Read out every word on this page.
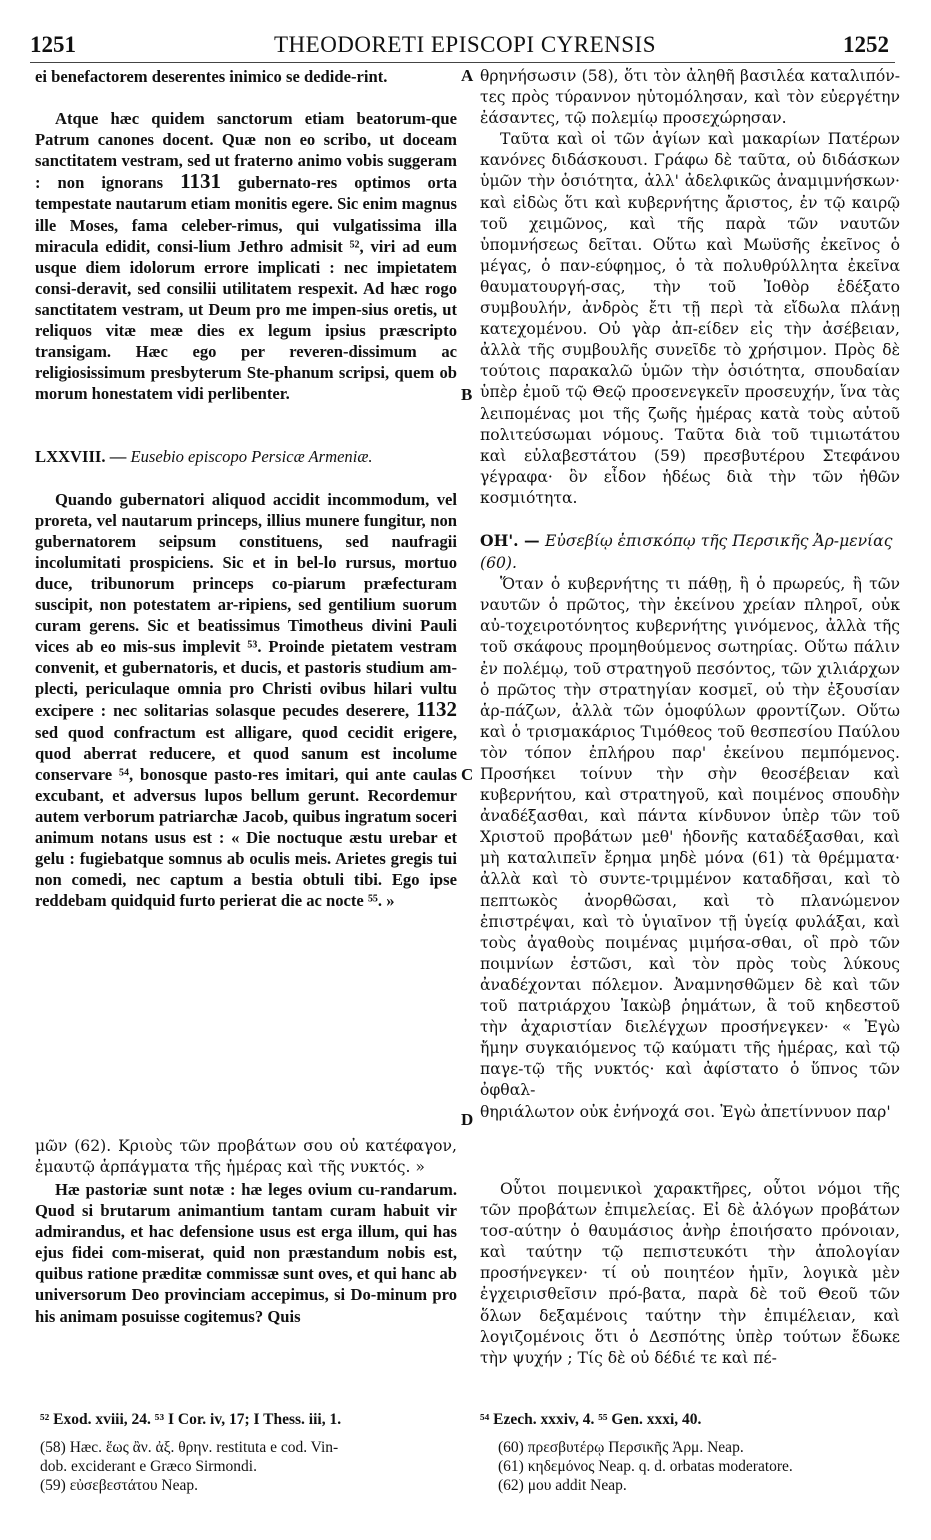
1251	THEODORETI EPISCOPI CYRENSIS	1252

ei benefactorem deserentes inimico se dedide-rint.

Atque hæc quidem sanctorum etiam beatorum-que Patrum canones docent. Quæ non eo scribo, ut doceam sanctitatem vestram, sed ut fraterno animo vobis suggeram : non ignorans 1131 gubernato-res optimos orta tempestate nautarum etiam monitis egere. Sic enim magnus ille Moses, fama celeber-rimus, qui vulgatissima illa miracula edidit, consi-lium Jethro admisit ⁵², viri ad eum usque diem idolorum errore implicati : nec impietatem consi-deravit, sed consilii utilitatem respexit. Ad hæc rogo sanctitatem vestram, ut Deum pro me impen-sius oretis, ut reliquos vitæ meæ dies ex legum ipsius præscripto transigam. Hæc ego per reveren-dissimum ac religiosissimum presbyterum Ste-phanum scripsi, quem ob morum honestatem vidi perlibenter.

LXXVIII. — Eusebio episcopo Persicæ Armeniæ.

Quando gubernatori aliquod accidit incommodum, vel proreta, vel nautarum princeps, illius munere fungitur, non gubernatorem seipsum constituens, sed naufragii incolumitati prospiciens. Sic et in bel-lo rursus, mortuo duce, tribunorum princeps co-piarum præfecturam suscipit, non potestatem ar-ripiens, sed gentilium suorum curam gerens. Sic et beatissimus Timotheus divini Pauli vices ab eo mis-sus implevit ⁵³. Proinde pietatem vestram convenit, et gubernatoris, et ducis, et pastoris studium am-plecti, periculaque omnia pro Christi ovibus hilari vultu excipere : nec solitarias solasque pecudes deserere, 1132 sed quod confractum est alligare, quod cecidit erigere, quod aberrat reducere, et quod sanum est incolume conservare ⁵⁴, bonosque pasto-res imitari, qui ante caulas excubant, et adversus lupos bellum gerunt. Recordemur autem verborum patriarchæ Jacob, quibus ingratum soceri animum notans usus est : « Die noctuque æstu urebar et gelu : fugiebatque somnus ab oculis meis. Arietes gregis tui non comedi, nec captum a bestia obtuli tibi. Ego ipse reddebam quidquid furto perierat die ac nocte ⁵⁵. »

μῶν (62). Κριοὺς τῶν προβάτων σου οὐ κατέφαγον, ἐμαυτῷ ἁρπάγματα τῆς ἡμέρας καὶ τῆς νυκτός. »

Hæ pastoriæ sunt notæ : hæ leges ovium cu-randarum. Quod si brutarum animantium tantam curam habuit vir admirandus, et hac defensione usus est erga illum, qui has ejus fidei com-miserat, quid non præstandum nobis est, quibus ratione præditæ commissæ sunt oves, et qui hanc ab universorum Deo provinciam accepimus, si Do-minum pro his animam posuisse cogitemus? Quis

A
B
C
D

θρηνήσωσιν (58), ὅτι τὸν ἀληθῆ βασιλέα καταλιπόν-τες πρὸς τύραννον ηὐτομόλησαν, καὶ τὸν εὐεργέτην ἐάσαντες, τῷ πολεμίῳ προσεχώρησαν.

Ταῦτα καὶ οἱ τῶν ἁγίων καὶ μακαρίων Πατέρων κανόνες διδάσκουσι. Γράφω δὲ ταῦτα, οὐ διδάσκων ὑμῶν τὴν ὁσιότητα, ἀλλ' ἀδελφικῶς ἀναμιμνήσκων· καὶ εἰδὼς ὅτι καὶ κυβερνήτης ἄριστος, ἐν τῷ καιρῷ τοῦ χειμῶνος, καὶ τῆς παρὰ τῶν ναυτῶν ὑπομνήσεως δεῖται. Οὕτω καὶ Μωϋσῆς ἐκεῖνος ὁ μέγας, ὁ παν-εύφημος, ὁ τὰ πολυθρύλλητα ἐκεῖνα θαυματουργή-σας, τὴν τοῦ Ἰοθὸρ ἐδέξατο συμβουλήν, ἀνδρὸς ἔτι τῇ περὶ τὰ εἴδωλα πλάνῃ κατεχομένου. Οὐ γὰρ ἀπ-είδεν εἰς τὴν ἀσέβειαν, ἀλλὰ τῆς συμβουλῆς συνεῖδε τὸ χρήσιμον. Πρὸς δὲ τούτοις παρακαλῶ ὑμῶν τὴν ὁσιότητα, σπουδαίαν ὑπὲρ ἐμοῦ τῷ Θεῷ προσενεγκεῖν προσευχήν, ἵνα τὰς λειπομένας μοι τῆς ζωῆς ἡμέρας κατὰ τοὺς αὐτοῦ πολιτεύσωμαι νόμους. Ταῦτα διὰ τοῦ τιμιωτάτου καὶ εὐλαβεστάτου (59) πρεσβυτέρου Στεφάνου γέγραφα· ὃν εἶδον ἡδέως διὰ τὴν τῶν ἠθῶν κοσμιότητα.

ΟΗ'. — Εὐσεβίῳ ἐπισκόπῳ τῆς Περσικῆς Ἀρ-μενίας (60).

Ὅταν ὁ κυβερνήτης τι πάθῃ, ἢ ὁ πρωρεύς, ἢ τῶν ναυτῶν ὁ πρῶτος, τὴν ἐκείνου χρείαν πληροῖ, οὐκ αὐ-τοχειροτόνητος κυβερνήτης γινόμενος, ἀλλὰ τῆς τοῦ σκάφους προμηθούμενος σωτηρίας. Οὕτω πάλιν ἐν πολέμῳ, τοῦ στρατηγοῦ πεσόντος, τῶν χιλιάρχων ὁ πρῶτος τὴν στρατηγίαν κοσμεῖ, οὐ τὴν ἐξουσίαν ἁρ-πάζων, ἀλλὰ τῶν ὁμοφύλων φροντίζων. Οὕτω καὶ ὁ τρισμακάριος Τιμόθεος τοῦ θεσπεσίου Παύλου τὸν τόπον ἐπλήρου παρ' ἐκείνου πεμπόμενος. Προσήκει τοίνυν τὴν σὴν θεοσέβειαν καὶ κυβερνήτου, καὶ στρατηγοῦ, καὶ ποιμένος σπουδὴν ἀναδέξασθαι, καὶ πάντα κίνδυνον ὑπὲρ τῶν τοῦ Χριστοῦ προβάτων μεθ' ἡδονῆς καταδέξασθαι, καὶ μὴ καταλιπεῖν ἔρημα μηδὲ μόνα (61) τὰ θρέμματα· ἀλλὰ καὶ τὸ συντε-τριμμένον καταδῆσαι, καὶ τὸ πεπτωκὸς ἀνορθῶσαι, καὶ τὸ πλανώμενον ἐπιστρέψαι, καὶ τὸ ὑγιαῖνον τῇ ὑγείᾳ φυλάξαι, καὶ τοὺς ἀγαθοὺς ποιμένας μιμήσα-σθαι, οἳ πρὸ τῶν ποιμνίων ἑστῶσι, καὶ τὸν πρὸς τοὺς λύκους ἀναδέχονται πόλεμον. Ἀναμνησθῶμεν δὲ καὶ τῶν τοῦ πατριάρχου Ἰακὼβ ῥημάτων, ἃ τοῦ κηδεστοῦ τὴν ἀχαριστίαν διελέγχων προσήνεγκεν· « Ἐγὼ ἤμην συγκαιόμενος τῷ καύματι τῆς ἡμέρας, καὶ τῷ παγε-τῷ τῆς νυκτός· καὶ ἀφίστατο ὁ ὕπνος τῶν ὀφθαλ-

θηριάλωτον οὐκ ἐνήνοχά σοι. Ἐγὼ ἀπετίννυον παρ'

Οὗτοι ποιμενικοὶ χαρακτῆρες, οὗτοι νόμοι τῆς τῶν προβάτων ἐπιμελείας. Εἰ δὲ ἀλόγων προβάτων τοσ-αύτην ὁ θαυμάσιος ἀνὴρ ἐποιήσατο πρόνοιαν, καὶ ταύτην τῷ πεπιστευκότι τὴν ἀπολογίαν προσήνεγκεν· τί οὐ ποιητέον ἡμῖν, λογικὰ μὲν ἐγχειρισθεῖσιν πρό-βατα, παρὰ δὲ τοῦ Θεοῦ τῶν ὅλων δεξαμένοις ταύτην τὴν ἐπιμέλειαν, καὶ λογιζομένοις ὅτι ὁ Δεσπότης ὑπὲρ τούτων ἔδωκε τὴν ψυχήν ; Τίς δὲ οὐ δέδιέ τε καὶ πέ-

⁵² Exod. xviii, 24. ⁵³ I Cor. iv, 17; I Thess. iii, 1.	⁵⁴ Ezech. xxxiv, 4. ⁵⁵ Gen. xxxi, 40.
(58) Hæc. ἕως ἂν. ἀξ. θρην. restituta e cod. Vin-
dob. exciderant e Græco Sirmondi.
(59) εὐσεβεστάτου Neap.
(60) πρεσβυτέρῳ Περσικῆς Ἀρμ. Neap.
(61) κηδεμόνος Neap. q. d. orbatas moderatore.
(62) μου addit Neap.
